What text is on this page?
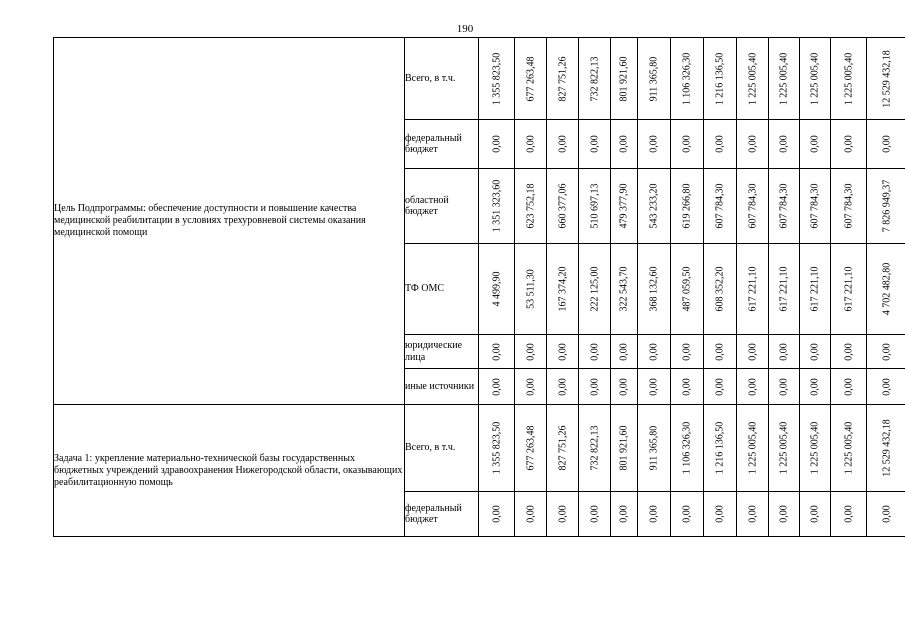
190
Цель Подпрограммы: обеспечение доступности и повышение качества медицинской реабилитации в условиях трехуровневой системы оказания медицинской помощи	Всего, в т.ч.	1 355 823,50	677 263,48	827 751,26	732 822,13	801 921,60	911 365,80	1 106 326,30	1 216 136,50	1 225 005,40	1 225 005,40	1 225 005,40	1 225 005,40	12 529 432,18

	федеральный бюджет	0,00	0,00	0,00	0,00	0,00	0,00	0,00	0,00	0,00	0,00	0,00	0,00	0,00

	областной бюджет	1 351 323,60	623 752,18	660 377,06	510 697,13	479 377,90	543 233,20	619 266,80	607 784,30	607 784,30	607 784,30	607 784,30	607 784,30	7 826 949,37

	ТФ ОМС	4 499,90	53 511,30	167 374,20	222 125,00	322 543,70	368 132,60	487 059,50	608 352,20	617 221,10	617 221,10	617 221,10	617 221,10	4 702 482,80

	юридические лица	0,00	0,00	0,00	0,00	0,00	0,00	0,00	0,00	0,00	0,00	0,00	0,00	0,00

	иные источники	0,00	0,00	0,00	0,00	0,00	0,00	0,00	0,00	0,00	0,00	0,00	0,00	0,00

Задача 1: укрепление материально-технической базы государственных бюджетных учреждений здравоохранения Нижегородской области, оказывающих реабилитационную помощь	Всего, в т.ч.	1 355 823,50	677 263,48	827 751,26	732 822,13	801 921,60	911 365,80	1 106 326,30	1 216 136,50	1 225 005,40	1 225 005,40	1 225 005,40	1 225 005,40	12 529 432,18

	федеральный бюджет	0,00	0,00	0,00	0,00	0,00	0,00	0,00	0,00	0,00	0,00	0,00	0,00	0,00
